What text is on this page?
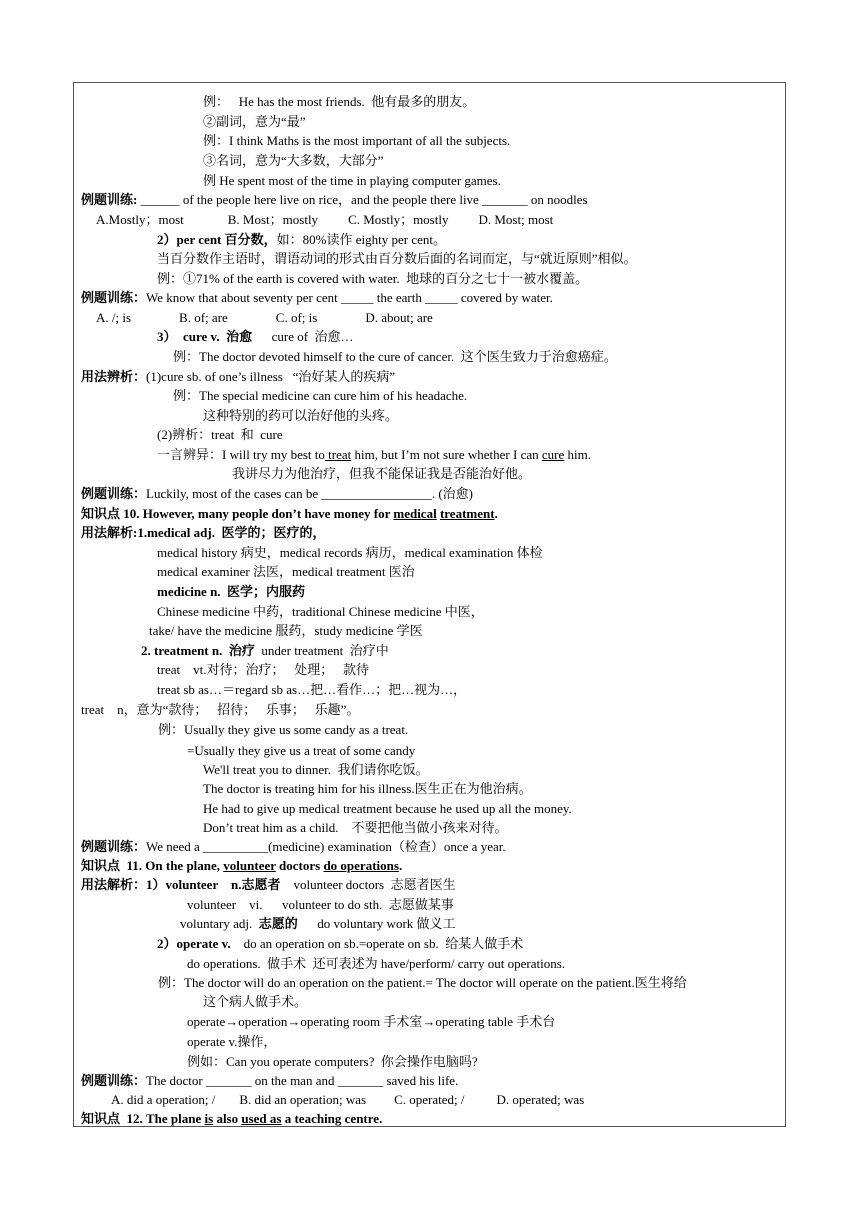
例：   He has the most friends.  他有最多的朋友。
②副词，意为“最”
例：I think Maths is the most important of all the subjects.
③名词，意为“大多数，大部分”
例 He spent most of the time in playing computer games.
例题训练: ______ of the people here live on rice，and the people there live _______ on noodles
A.Mostly；most	B. Most；mostly C. Mostly；mostly D. Most; most
2）per cent 百分数，如：80%读作 eighty per cent。
当百分数作主语时，谓语动词的形式由百分数后面的名词而定，与“就近原则”相似。
例：①71% of the earth is covered with water.  地球的百分之七十一被水覆盖。
例题训练：We know that about seventy per cent _____ the earth _____ covered by water.
A. /; is	B. of; are	C. of; is	D. about; are
3）  cure v.  治愈      cure of  治愈…
例：The doctor devoted himself to the cure of cancer.  这个医生致力于治愈癌症。
用法辨析：(1)cure sb. of one’s illness   “治好某人的疾病”
例：The special medicine can cure him of his headache.
这种特别的药可以治好他的头疼。
(2)辨析：treat  和  cure
一言辨异：I will try my best to treat him, but I’m not sure whether I can cure him.
我讲尽力为他治疗，但我不能保证我是否能治好他。
例题训练：Luckily, most of the cases can be _________________. (治愈)
知识点 10. However, many people don’t have money for medical treatment.
用法解析:1.medical adj.  医学的；医疗的，
medical history 病史，medical records 病历，medical examination 体检
medical examiner 法医，medical treatment 医治
medicine n.  医学；内服药
Chinese medicine 中药，traditional Chinese medicine 中医，
take/ have the medicine 服药，study medicine 学医
2. treatment n.  治疗  under treatment  治疗中
treat    vt.对待；治疗；   处理；   款待
treat sb as…＝regard sb as…把…看作…；把…视为…，
treat    n，意为“款待；   招待；   乐事；   乐趣”。
例：Usually they give us some candy as a treat.
=Usually they give us a treat of some candy
We'll treat you to dinner.  我们请你吃饭。
The doctor is treating him for his illness.医生正在为他治病。
He had to give up medical treatment because he used up all the money.
Don’t treat him as a child.    不要把他当做小孩来对待。
例题训练：We need a __________(medicine) examination（检查）once a year.
知识点  11. On the plane, volunteer doctors do operations.
用法解析：1）volunteer    n.志愿者    volunteer doctors  志愿者医生
volunteer    vi.      volunteer to do sth.  志愿做某事
voluntary adj.  志愿的      do voluntary work 做义工
2）operate v.    do an operation on sb.=operate on sb.  给某人做手术
do operations.  做手术  还可表述为 have/perform/ carry out operations.
例：The doctor will do an operation on the patient.= The doctor will operate on the patient.医生将给
这个病人做手术。
operate→operation→operating room 手术室→operating table 手术台
operate v.操作，
例如：Can you operate computers?  你会操作电脑吗?
例题训练：The doctor _______ on the man and _______ saved his life.
A. did a operation; / B. did an operation; was C. operated; / D. operated; was
知识点  12. The plane is also used as a teaching centre.
